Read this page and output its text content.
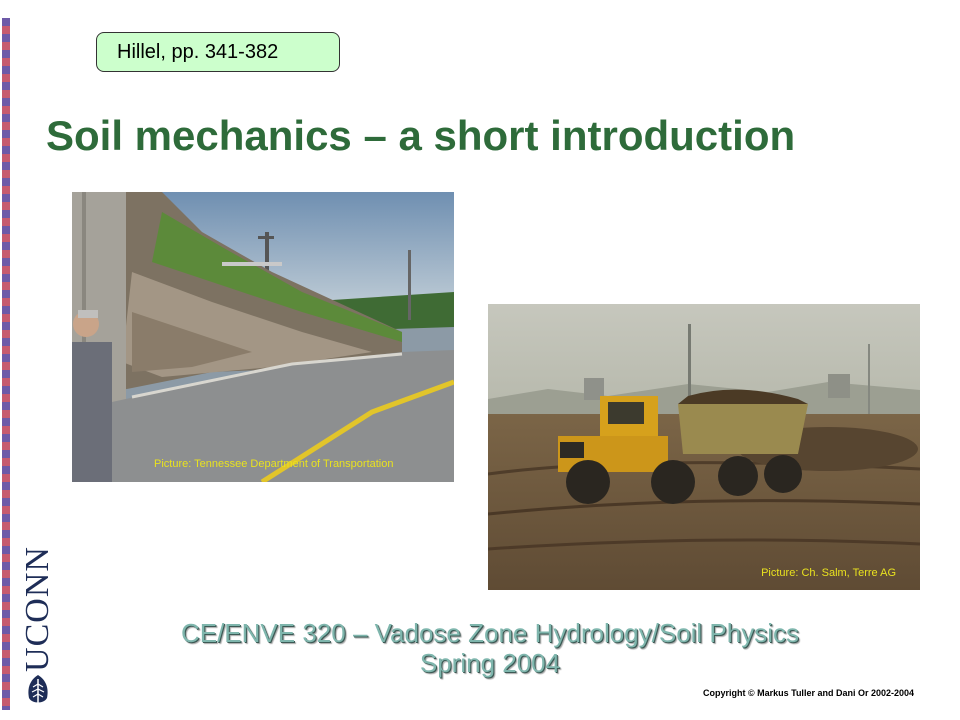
Hillel, pp. 341-382
Soil mechanics – a short introduction
Picture: Tennessee Department of Transportation
Picture: Ch. Salm, Terre AG
UCONN	CE/ENVE 320 – Vadose Zone Hydrology/Soil Physics
Spring 2004
Copyright © Markus Tuller and Dani Or 2002-2004
